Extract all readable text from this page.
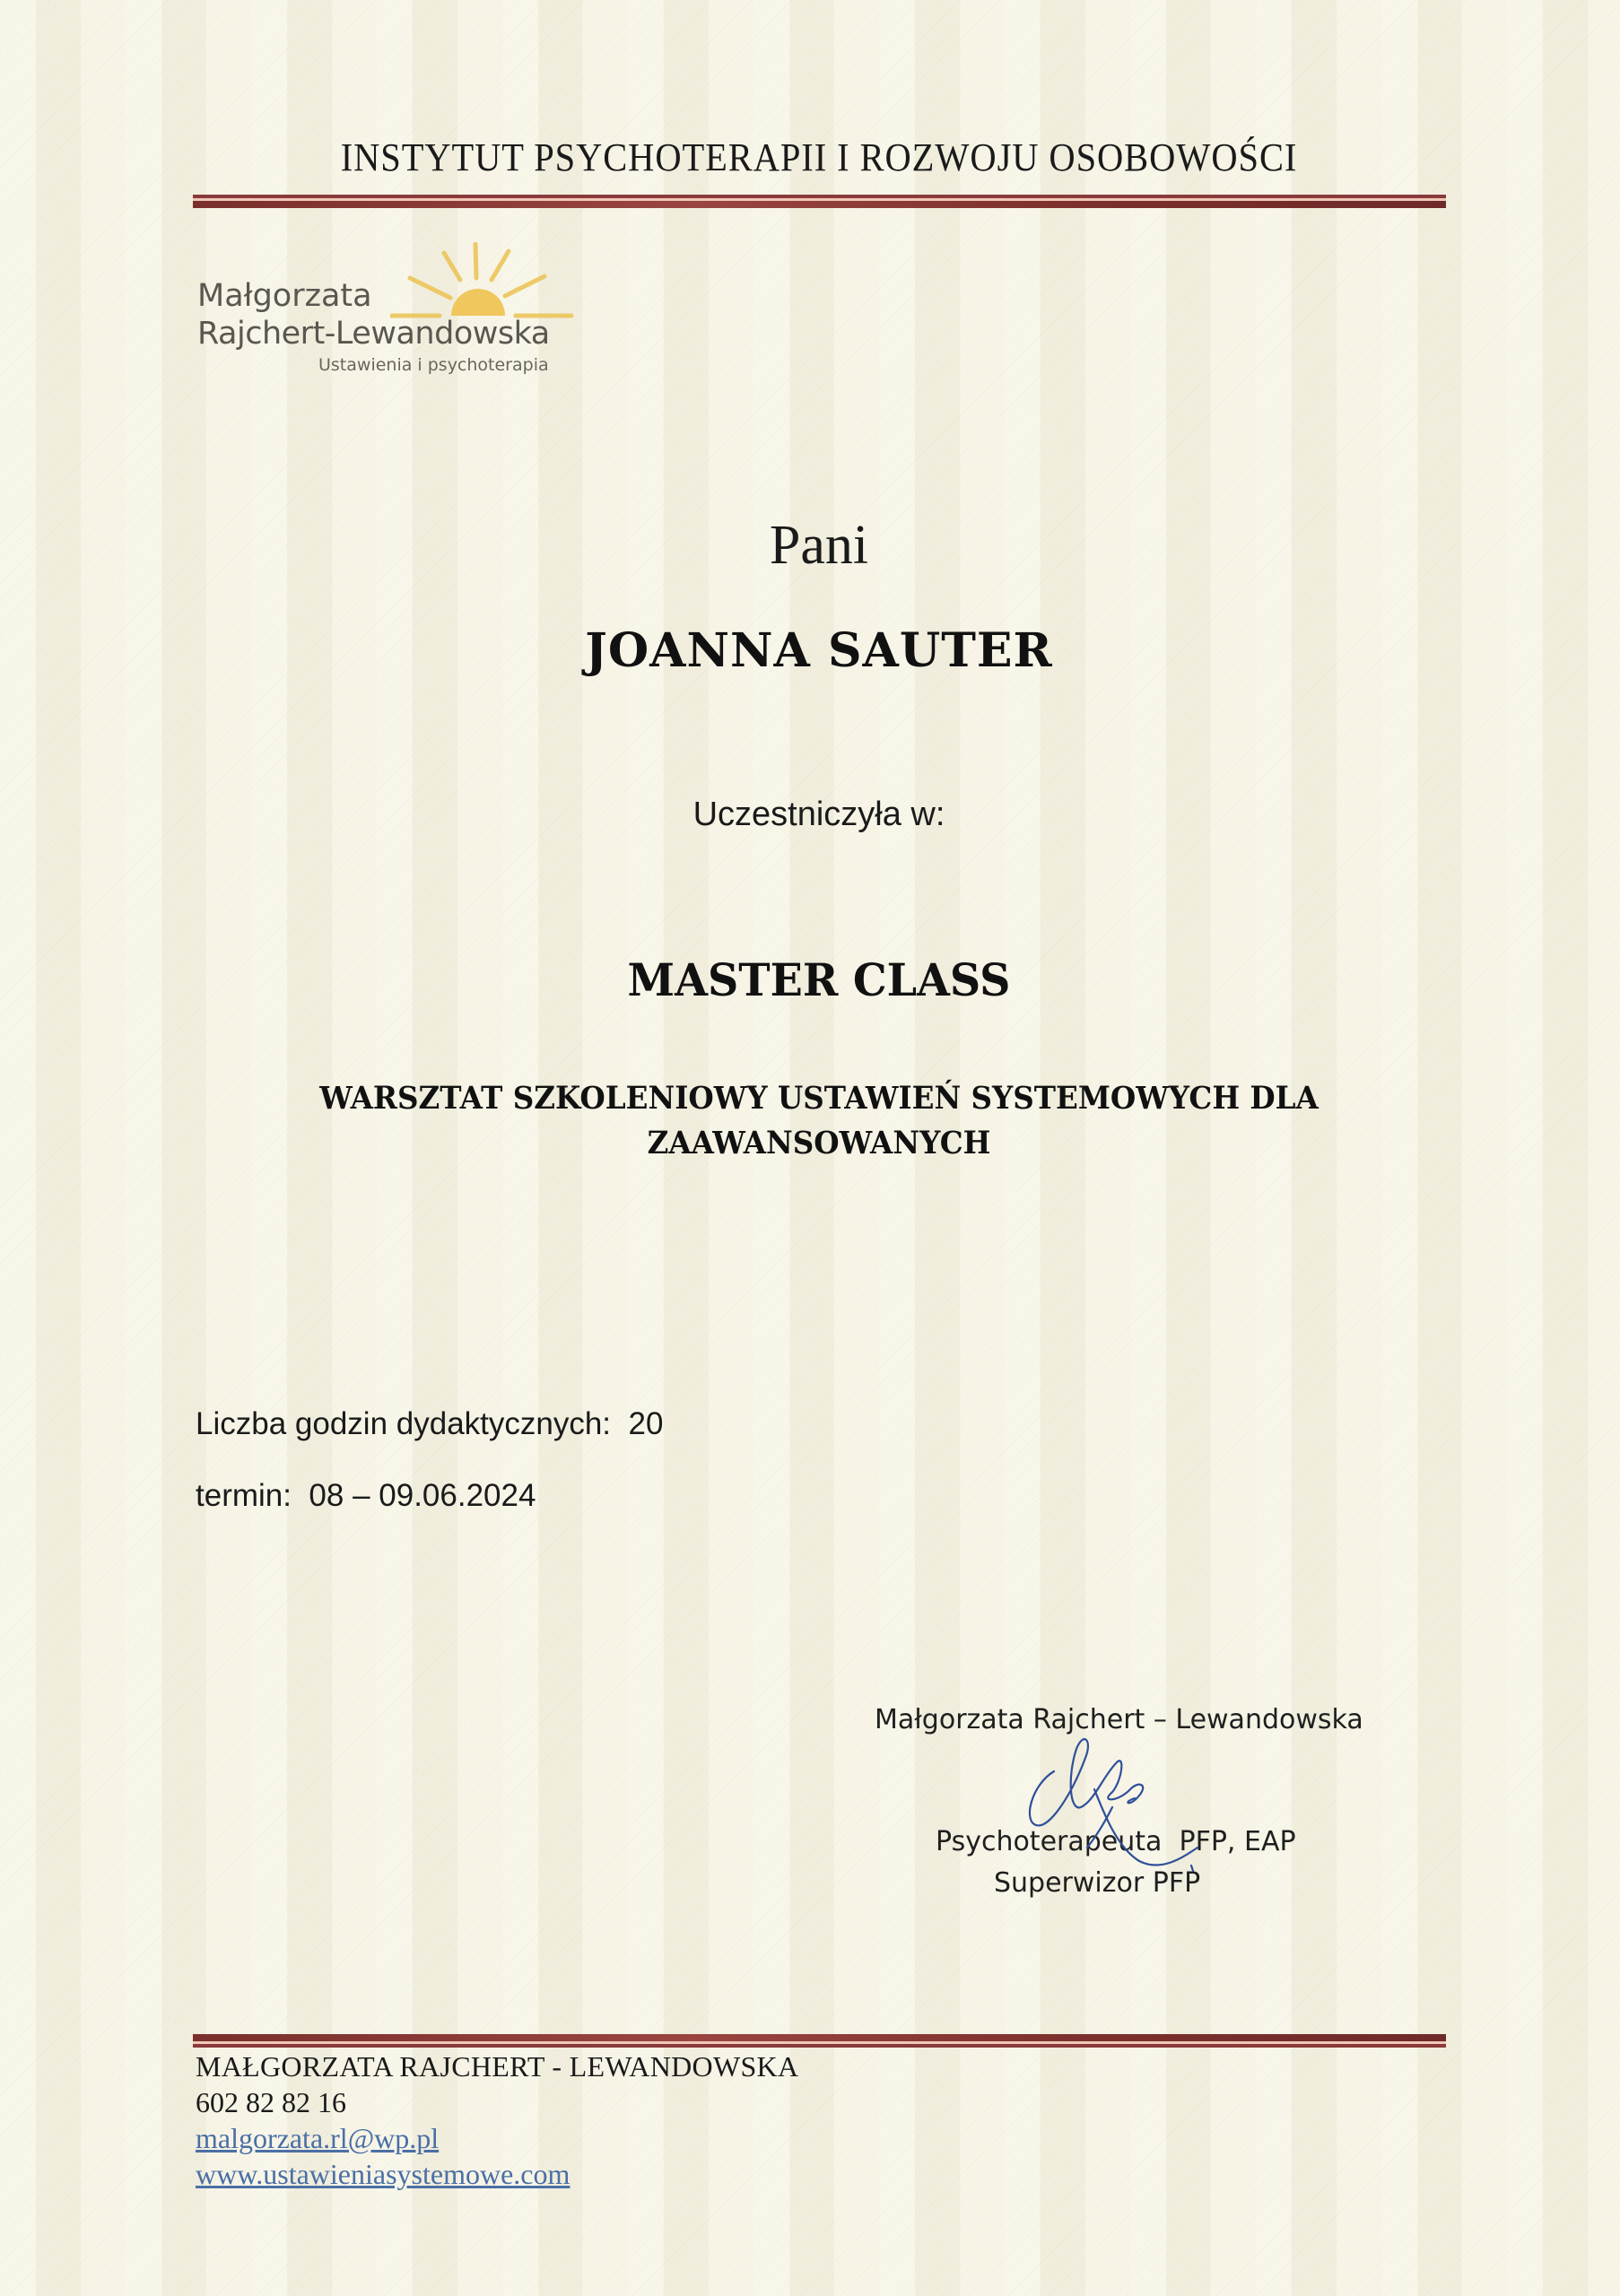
INSTYTUT PSYCHOTERAPII I ROZWOJU OSOBOWOŚCI
Małgorzata
Rajchert-Lewandowska
Ustawienia i psychoterapia
Pani
JOANNA SAUTER
Uczestniczyła w:
MASTER CLASS
WARSZTAT SZKOLENIOWY USTAWIEŃ SYSTEMOWYCH DLA ZAAWANSOWANYCH
Liczba godzin dydaktycznych: 20
termin: 08 – 09.06.2024
Małgorzata Rajchert – Lewandowska
Psychoterapeuta  PFP, EAP
Superwizor PFP
MAŁGORZATA RAJCHERT - LEWANDOWSKA
602 82 82 16
malgorzata.rl@wp.pl
www.ustawieniasystemowe.com
